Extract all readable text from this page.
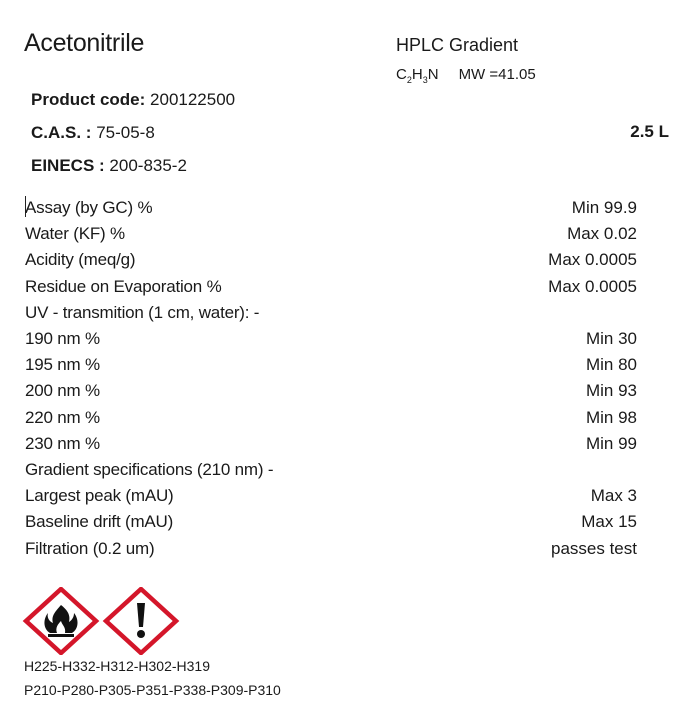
Acetonitrile	HPLC Gradient
$C_2H_3N$ MW =41.05
Product code: 200122500
C.A.S. : 75-05-8
EINECS : 200-835-2
2.5 L
Assay (by GC) %	Min 99.9
Water (KF) %	Max 0.02
Acidity (meq/g)	Max 0.0005
Residue on Evaporation %	Max 0.0005
UV - transmition (1 cm, water): -
190 nm %	Min 30
195 nm %	Min 80
200 nm %	Min 93
220 nm %	Min 98
230 nm %	Min 99
Gradient specifications (210 nm) -
Largest peak (mAU)	Max 3
Baseline drift (mAU)	Max 15
Filtration (0.2 um)	passes test
H225-H332-H312-H302-H319
P210-P280-P305-P351-P338-P309-P310
